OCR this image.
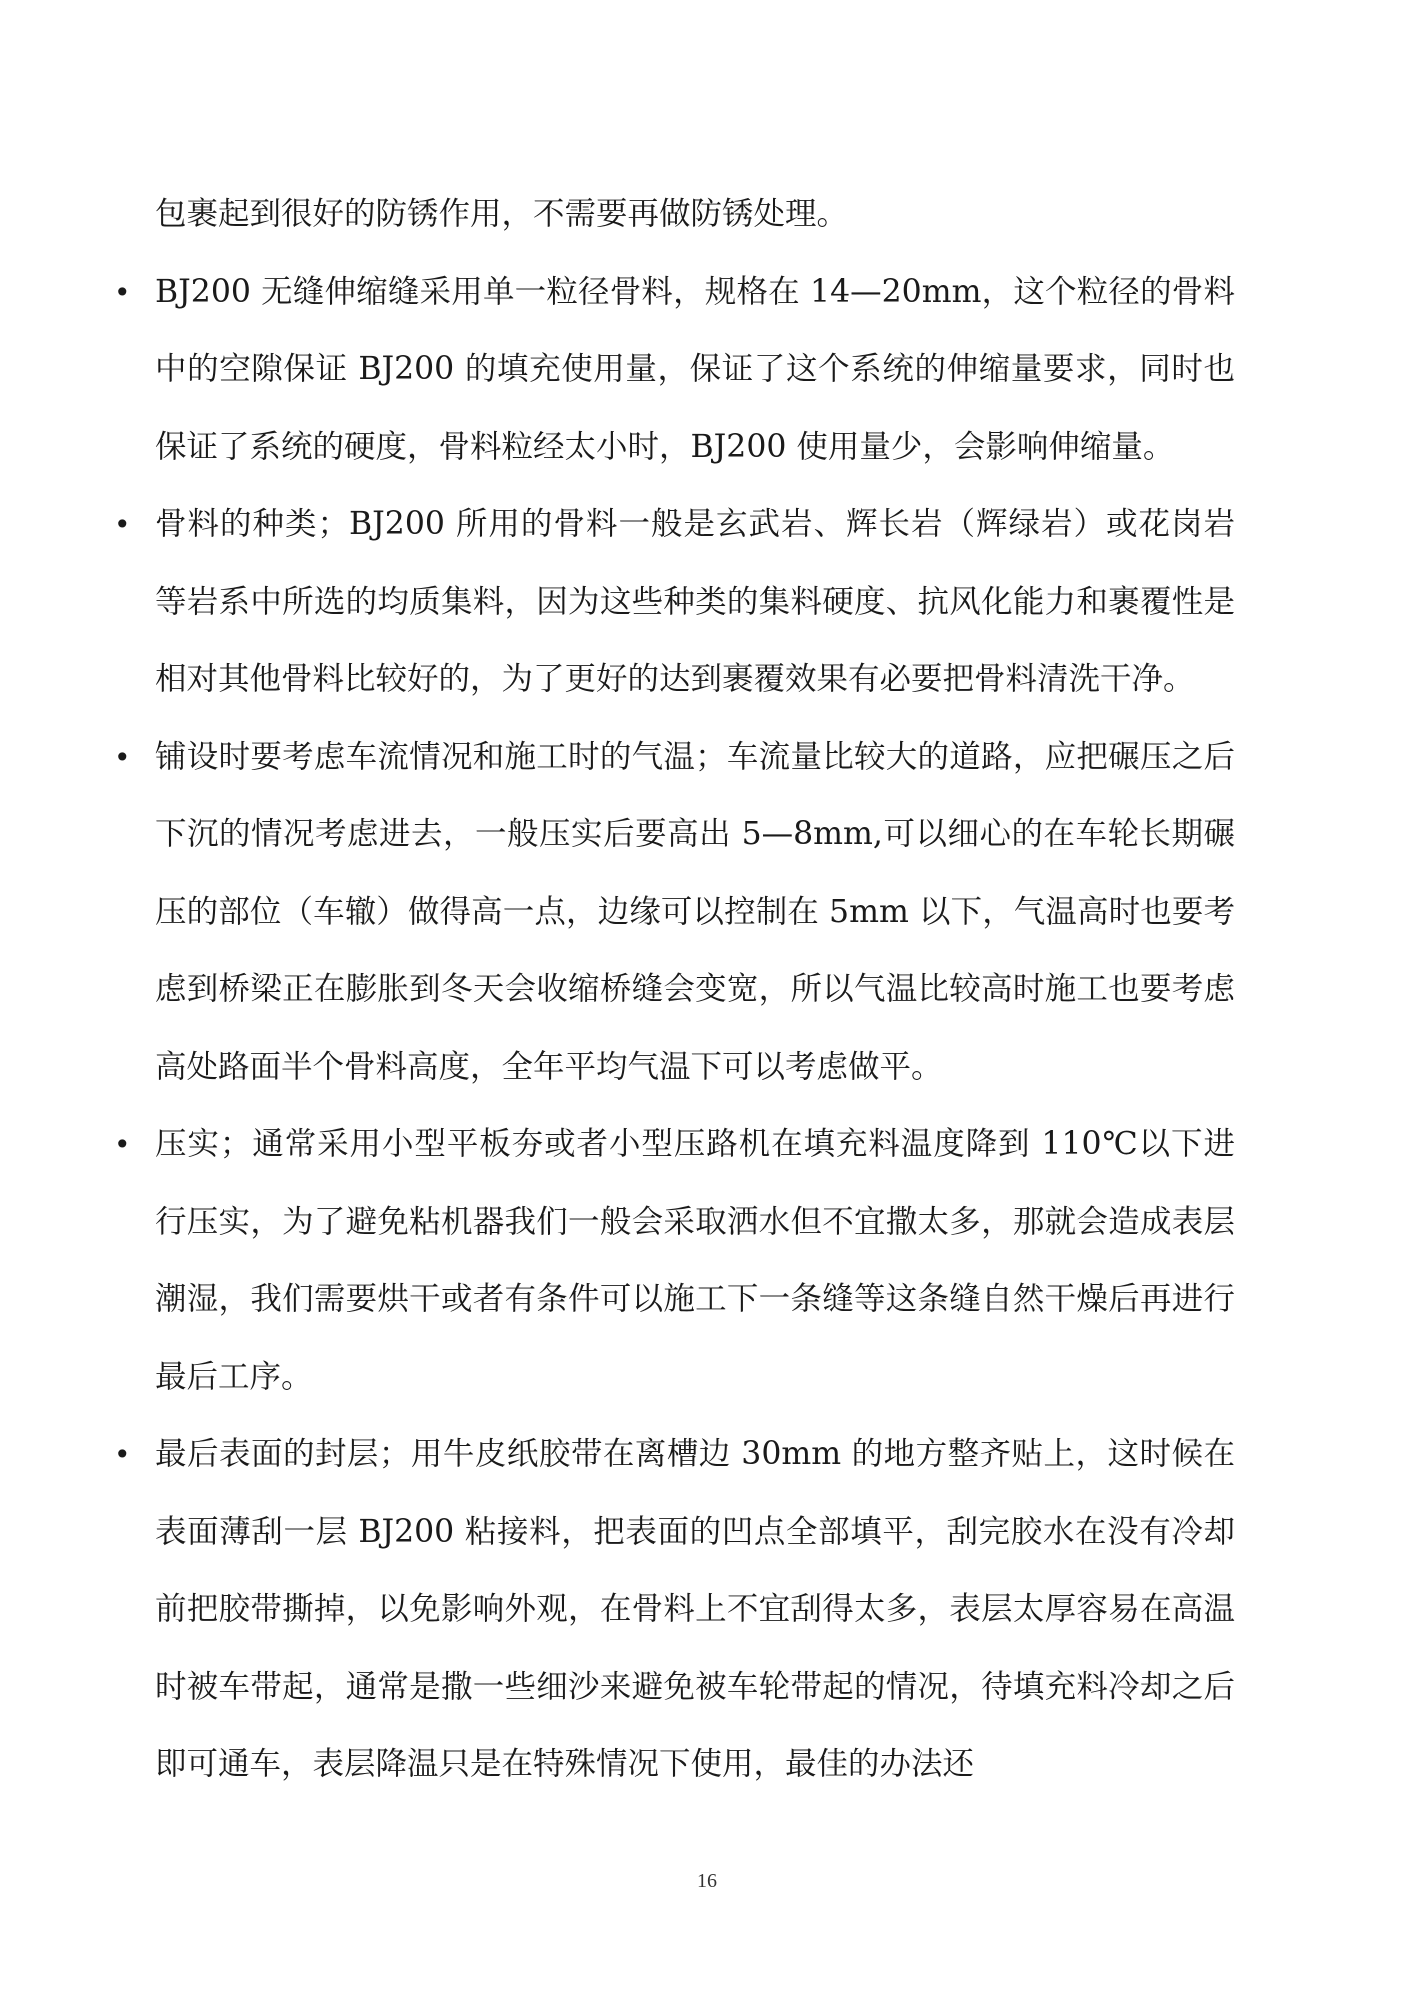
包裹起到很好的防锈作用，不需要再做防锈处理。

• BJ200 无缝伸缩缝采用单一粒径骨料，规格在 14—20mm，这个粒径的骨料中的空隙保证 BJ200 的填充使用量，保证了这个系统的伸缩量要求，同时也保证了系统的硬度，骨料粒经太小时，BJ200 使用量少，会影响伸缩量。
• 骨料的种类；BJ200 所用的骨料一般是玄武岩、辉长岩（辉绿岩）或花岗岩等岩系中所选的均质集料，因为这些种类的集料硬度、抗风化能力和裹覆性是相对其他骨料比较好的，为了更好的达到裹覆效果有必要把骨料清洗干净。
• 铺设时要考虑车流情况和施工时的气温；车流量比较大的道路，应把碾压之后下沉的情况考虑进去，一般压实后要高出 5—8mm,可以细心的在车轮长期碾压的部位（车辙）做得高一点，边缘可以控制在 5mm 以下，气温高时也要考虑到桥梁正在膨胀到冬天会收缩桥缝会变宽，所以气温比较高时施工也要考虑高处路面半个骨料高度，全年平均气温下可以考虑做平。
• 压实；通常采用小型平板夯或者小型压路机在填充料温度降到 110℃以下进行压实，为了避免粘机器我们一般会采取洒水但不宜撒太多，那就会造成表层潮湿，我们需要烘干或者有条件可以施工下一条缝等这条缝自然干燥后再进行最后工序。
• 最后表面的封层；用牛皮纸胶带在离槽边 30mm 的地方整齐贴上，这时候在表面薄刮一层 BJ200 粘接料，把表面的凹点全部填平，刮完胶水在没有冷却前把胶带撕掉，以免影响外观，在骨料上不宜刮得太多，表层太厚容易在高温时被车带起，通常是撒一些细沙来避免被车轮带起的情况，待填充料冷却之后即可通车，表层降温只是在特殊情况下使用，最佳的办法还
16
